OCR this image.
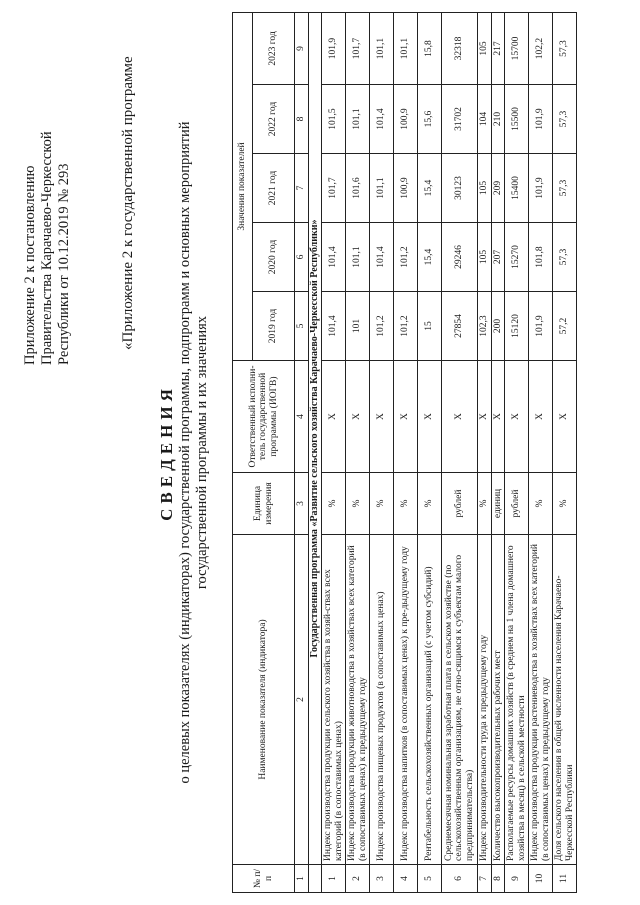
Приложение 2 к постановлению Правительства Карачаево-Черкесской Республики от 10.12.2019 № 293	«Приложение 2 к государственной программе
СВЕДЕНИЯ о целевых показателях (индикаторах) государственной программы, подпрограмм и основных мероприятий государственной программы и их значениях
№ п/п	Наименование показателя (индикатора)	Единица измерения	Ответственный исполни-тель государственной программы (ИОГВ)	Значения показателей				
				2019 год	2020 год	2021 год	2022 год	2023 год
1	2	3	4	5	6	7	8	9
	Государственная программа «Развитие сельского хозяйства Карачаево-Черкесской Республики»							
1	Индекс производства продукции сельского хозяйства в хозяй-ствах всех категорий (в сопоставимых ценах)	%	X	101,4	101,4	101,7	101,5	101,9
2	Индекс производства продукции животноводства в хозяйствах всех категорий (в сопоставимых ценах) к предыдущему году	%	X	101	101,1	101,6	101,1	101,7
3	Индекс производства пищевых продуктов (в сопоставимых ценах)	%	X	101,2	101,4	101,1	101,4	101,1
4	Индекс производства напитков (в сопоставимых ценах) к пре-дыдущему году	%	X	101,2	101,2	100,9	100,9	101,1
5	Рентабельность сельскохозяйственных организаций (с учетом субсидий)	%	X	15	15,4	15,4	15,6	15,8
6	Среднемесячная номинальная заработная плата в сельском хозяйстве (по сельскохозяйственным организациям, не отно-сящимся к субъектам малого предпринимательства)	рублей	X	27854	29246	30123	31702	32318
7	Индекс производительности труда к предыдущему году	%	X	102,3	105	105	104	105
8	Количество высокопроизводительных рабочих мест	единиц	X	200	207	209	210	217
9	Располагаемые ресурсы домашних хозяйств (в среднем на 1 члена домашнего хозяйства в месяц) в сельской местности	рублей	X	15120	15270	15400	15500	15700
10	Индекс производства продукции растениеводства в хозяйствах всех категорий (в сопоставимых ценах) к предыдущему году	%	X	101,9	101,8	101,9	101,9	102,2
11	Доля сельского населения в общей численности населения Карачаево-Черкесской Республики	%	X	57,2	57,3	57,3	57,3	57,3
